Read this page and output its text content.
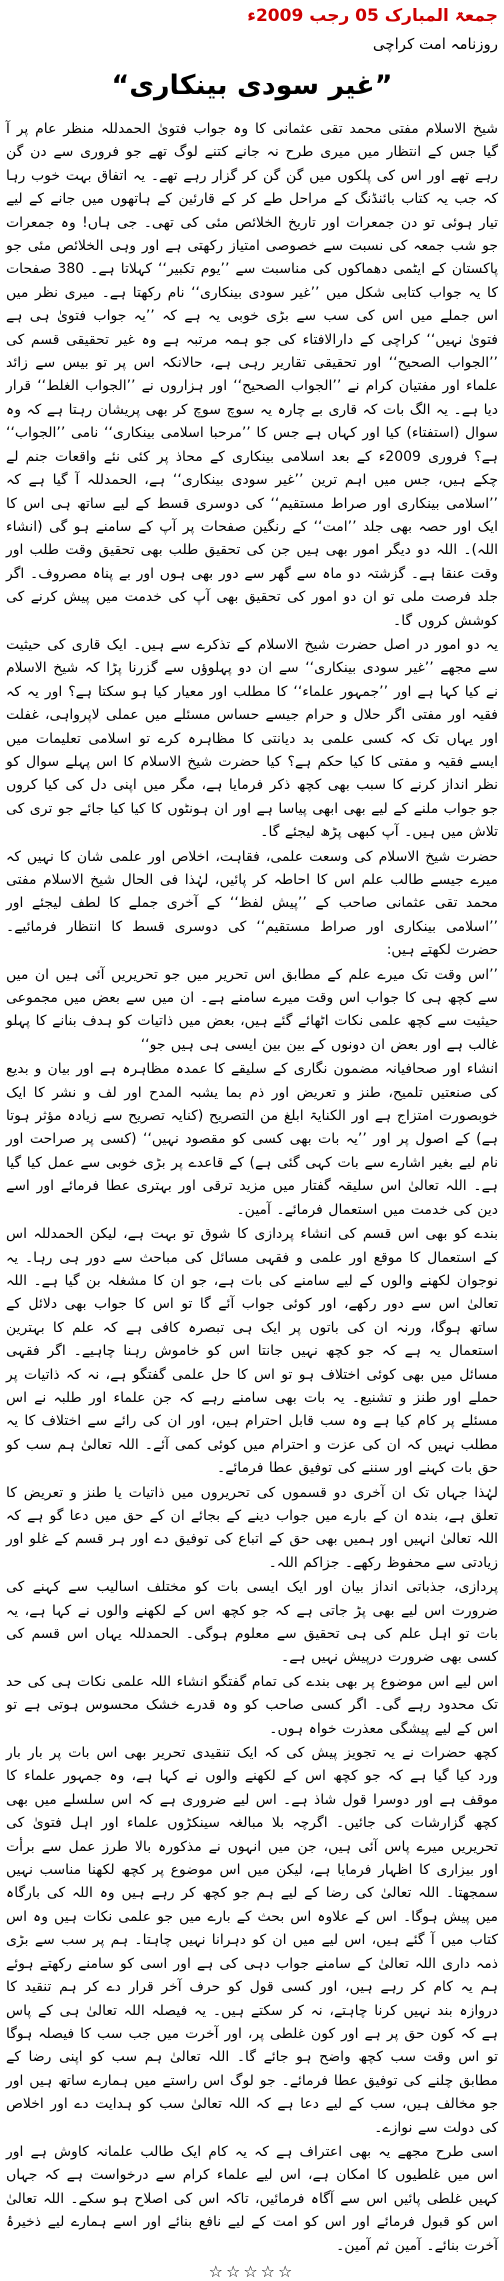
جمعۃ المبارک 05 رجب 2009ء
روزنامہ امت کراچی
”غیر سودی بینکاری“

شیخ الاسلام مفتی محمد تقی عثمانی کا وہ جواب فتویٰ الحمدللہ منظر عام پر آ گیا جس کے انتظار میں میری طرح نہ جانے کتنے لوگ تھے جو فروری سے دن گن رہے تھے اور اس کی پلکوں میں گن گن کر گزار رہے تھے۔ یہ اتفاق بہت خوب رہا کہ جب یہ کتاب بائنڈنگ کے مراحل طے کر کے قارئین کے ہاتھوں میں جانے کے لیے تیار ہوئی تو دن جمعرات اور تاریخ الخلائص مئی کی تھی۔ جی ہاں! وہ جمعرات جو شب جمعہ کی نسبت سے خصوصی امتیاز رکھتی ہے اور وہی الخلائص مئی جو پاکستان کے ایٹمی دھماکوں کی مناسبت سے ’’یوم تکبیر‘‘ کہلاتا ہے۔ 380 صفحات کا یہ جواب کتابی شکل میں ’’غیر سودی بینکاری‘‘ نام رکھتا ہے۔ میری نظر میں اس جملے میں اس کی سب سے بڑی خوبی یہ ہے کہ ’’یہ جواب فتویٰ ہی ہے فتویٰ نہیں‘‘ کراچی کے دارالافتاء کی جو ہمہ مرتبہ ہے وہ غیر تحقیقی قسم کی ’’الجواب الصحیح‘‘ اور تحقیقی تقاریر رہی ہے، حالانکہ اس پر تو بیس سے زائد علماء اور مفتیان کرام نے ’’الجواب الصحیح‘‘ اور ہزاروں نے ’’الجواب الغلط‘‘ قرار دیا ہے۔ یہ الگ بات کہ قاری بے چارہ یہ سوچ سوچ کر بھی پریشان رہتا ہے کہ وہ سوال (استفتاء) کیا اور کہاں ہے جس کا ’’مرحبا اسلامی بینکاری‘‘ نامی ’’الجواب‘‘ ہے؟ فروری 2009ء کے بعد اسلامی بینکاری کے محاذ پر کئی نئے واقعات جنم لے چکے ہیں، جس میں اہم ترین ’’غیر سودی بینکاری‘‘ ہے، الحمدللہ آ گیا ہے کہ ’’اسلامی بینکاری اور صراط مستقیم‘‘ کی دوسری قسط کے لیے ساتھ ہی اس کا ایک اور حصہ بھی جلد ’’امت‘‘ کے رنگین صفحات پر آپ کے سامنے ہو گی (انشاء اللہ)۔ اللہ دو دیگر امور بھی ہیں جن کی تحقیق طلب بھی تحقیق وقت طلب اور وقت عنقا ہے۔ گزشتہ دو ماہ سے گھر سے دور بھی ہوں اور بے پناہ مصروف۔ اگر جلد فرصت ملی تو ان دو امور کی تحقیق بھی آپ کی خدمت میں پیش کرنے کی کوشش کروں گا۔

یہ دو امور در اصل حضرت شیخ الاسلام کے تذکرے سے ہیں۔ ایک قاری کی حیثیت سے مجھے ’’غیر سودی بینکاری‘‘ سے ان دو پہلوؤں سے گزرنا پڑا کہ شیخ الاسلام نے کیا کہا ہے اور ’’جمہور علماء‘‘ کا مطلب اور معیار کیا ہو سکتا ہے؟ اور یہ کہ فقیہ اور مفتی اگر حلال و حرام جیسے حساس مسئلے میں عملی لاپرواہی، غفلت اور یہاں تک کہ کسی علمی بد دیانتی کا مظاہرہ کرے تو اسلامی تعلیمات میں ایسے فقیہ و مفتی کا کیا حکم ہے؟ کیا حضرت شیخ الاسلام کا اس پہلے سوال کو نظر انداز کرنے کا سبب بھی کچھ ذکر فرمایا ہے، مگر میں اپنی دل کی کیا کروں جو جواب ملنے کے لیے بھی ابھی پیاسا ہے اور ان ہونٹوں کا کیا کیا جائے جو تری کی تلاش میں ہیں۔ آپ کبھی پڑھ لیجئے گا۔

حضرت شیخ الاسلام کی وسعت علمی، فقاہت، اخلاص اور علمی شان کا نہیں کہ میرے جیسے طالب علم اس کا احاطہ کر پائیں، لہٰذا فی الحال شیخ الاسلام مفتی محمد تقی عثمانی صاحب کے ’’پیش لفظ‘‘ کے آخری جملے کا لطف لیجئے اور ’’اسلامی بینکاری اور صراط مستقیم‘‘ کی دوسری قسط کا انتظار فرمائیے۔ حضرت لکھتے ہیں:

’’اس وقت تک میرے علم کے مطابق اس تحریر میں جو تحریریں آئی ہیں ان میں سے کچھ ہی کا جواب اس وقت میرے سامنے ہے۔ ان میں سے بعض میں مجموعی حیثیت سے کچھ علمی نکات اٹھائے گئے ہیں، بعض میں ذاتیات کو ہدف بنانے کا پہلو غالب ہے اور بعض ان دونوں کے بین بین ایسی ہی ہیں جو‘‘

انشاء اور صحافیانہ مضمون نگاری کے سلیقے کا عمدہ مظاہرہ ہے اور بیان و بدیع کی صنعتیں تلمیح، طنز و تعریض اور ذم بما یشبہ المدح اور لف و نشر کا ایک خوبصورت امتزاج ہے اور الکنایۃ ابلغ من التصریح (کنایہ تصریح سے زیادہ مؤثر ہوتا ہے) کے اصول پر اور ’’یہ بات بھی کسی کو مقصود نہیں‘‘ (کسی پر صراحت اور نام لیے بغیر اشارے سے بات کہی گئی ہے) کے قاعدے پر بڑی خوبی سے عمل کیا گیا ہے۔ اللہ تعالیٰ اس سلیقہ گفتار میں مزید ترقی اور بہتری عطا فرمائے اور اسے دین کی خدمت میں استعمال فرمائے۔ آمین۔

بندے کو بھی اس قسم کی انشاء پردازی کا شوق تو بہت ہے، لیکن الحمدللہ اس کے استعمال کا موقع اور علمی و فقہی مسائل کی مباحث سے دور ہی رہا۔ یہ نوجوان لکھنے والوں کے لیے سامنے کی بات ہے، جو ان کا مشغلہ بن گیا ہے۔ اللہ تعالیٰ اس سے دور رکھے، اور کوئی جواب آئے گا تو اس کا جواب بھی دلائل کے ساتھ ہوگا، ورنہ ان کی باتوں پر ایک ہی تبصرہ کافی ہے کہ علم کا بہترین استعمال یہ ہے کہ جو کچھ نہیں جانتا اس کو خاموش رہنا چاہیے۔ اگر فقہی مسائل میں بھی کوئی اختلاف ہو تو اس کا حل علمی گفتگو ہے، نہ کہ ذاتیات پر حملے اور طنز و تشنیع۔ یہ بات بھی سامنے رہے کہ جن علماء اور طلبہ نے اس مسئلے پر کام کیا ہے وہ سب قابل احترام ہیں، اور ان کی رائے سے اختلاف کا یہ مطلب نہیں کہ ان کی عزت و احترام میں کوئی کمی آئے۔ اللہ تعالیٰ ہم سب کو حق بات کہنے اور سننے کی توفیق عطا فرمائے۔

لہٰذا جہاں تک ان آخری دو قسموں کی تحریروں میں ذاتیات یا طنز و تعریض کا تعلق ہے، بندہ ان کے بارے میں جواب دینے کے بجائے ان کے حق میں دعا گو ہے کہ اللہ تعالیٰ انہیں اور ہمیں بھی حق کے اتباع کی توفیق دے اور ہر قسم کے غلو اور زیادتی سے محفوظ رکھے۔ جزاکم اللہ۔

پردازی، جذباتی انداز بیان اور ایک ایسی بات کو مختلف اسالیب سے کہنے کی ضرورت اس لیے بھی پڑ جاتی ہے کہ جو کچھ اس کے لکھنے والوں نے کہا ہے، یہ بات تو اہل علم کی ہی تحقیق سے معلوم ہوگی۔ الحمدللہ یہاں اس قسم کی کسی بھی ضرورت درپیش نہیں ہے۔

اس لیے اس موضوع پر بھی بندے کی تمام گفتگو انشاء اللہ علمی نکات ہی کی حد تک محدود رہے گی۔ اگر کسی صاحب کو وہ قدرے خشک محسوس ہوتی ہے تو اس کے لیے پیشگی معذرت خواہ ہوں۔

کچھ حضرات نے یہ تجویز پیش کی کہ ایک تنقیدی تحریر بھی اس بات پر بار بار ورد کیا گیا ہے کہ جو کچھ اس کے لکھنے والوں نے کہا ہے، وہ جمہور علماء کا موقف ہے اور دوسرا قول شاذ ہے۔ اس لیے ضروری ہے کہ اس سلسلے میں بھی کچھ گزارشات کی جائیں۔ اگرچہ بلا مبالغہ سینکڑوں علماء اور اہل فتویٰ کی تحریریں میرے پاس آئی ہیں، جن میں انہوں نے مذکورہ بالا طرز عمل سے برأت اور بیزاری کا اظہار فرمایا ہے، لیکن میں اس موضوع پر کچھ لکھنا مناسب نہیں سمجھتا۔ اللہ تعالیٰ کی رضا کے لیے ہم جو کچھ کر رہے ہیں وہ اللہ کی بارگاہ میں پیش ہوگا۔ اس کے علاوہ اس بحث کے بارے میں جو علمی نکات ہیں وہ اس کتاب میں آ گئے ہیں، اس لیے میں ان کو دہرانا نہیں چاہتا۔ ہم پر سب سے بڑی ذمہ داری اللہ تعالیٰ کے سامنے جواب دہی کی ہے اور اسی کو سامنے رکھتے ہوئے ہم یہ کام کر رہے ہیں، اور کسی قول کو حرف آخر قرار دے کر ہم تنقید کا دروازہ بند نہیں کرنا چاہتے، نہ کر سکتے ہیں۔ یہ فیصلہ اللہ تعالیٰ ہی کے پاس ہے کہ کون حق پر ہے اور کون غلطی پر، اور آخرت میں جب سب کا فیصلہ ہوگا تو اس وقت سب کچھ واضح ہو جائے گا۔ اللہ تعالیٰ ہم سب کو اپنی رضا کے مطابق چلنے کی توفیق عطا فرمائے۔ جو لوگ اس راستے میں ہمارے ساتھ ہیں اور جو مخالف ہیں، سب کے لیے دعا ہے کہ اللہ تعالیٰ سب کو ہدایت دے اور اخلاص کی دولت سے نوازے۔

اسی طرح مجھے یہ بھی اعتراف ہے کہ یہ کام ایک طالب علمانہ کاوش ہے اور اس میں غلطیوں کا امکان ہے، اس لیے علماء کرام سے درخواست ہے کہ جہاں کہیں غلطی پائیں اس سے آگاہ فرمائیں، تاکہ اس کی اصلاح ہو سکے۔ اللہ تعالیٰ اس کو قبول فرمائے اور اس کو امت کے لیے نافع بنائے اور اسے ہمارے لیے ذخیرۂ آخرت بنائے۔ آمین ثم آمین۔

☆☆☆☆☆
